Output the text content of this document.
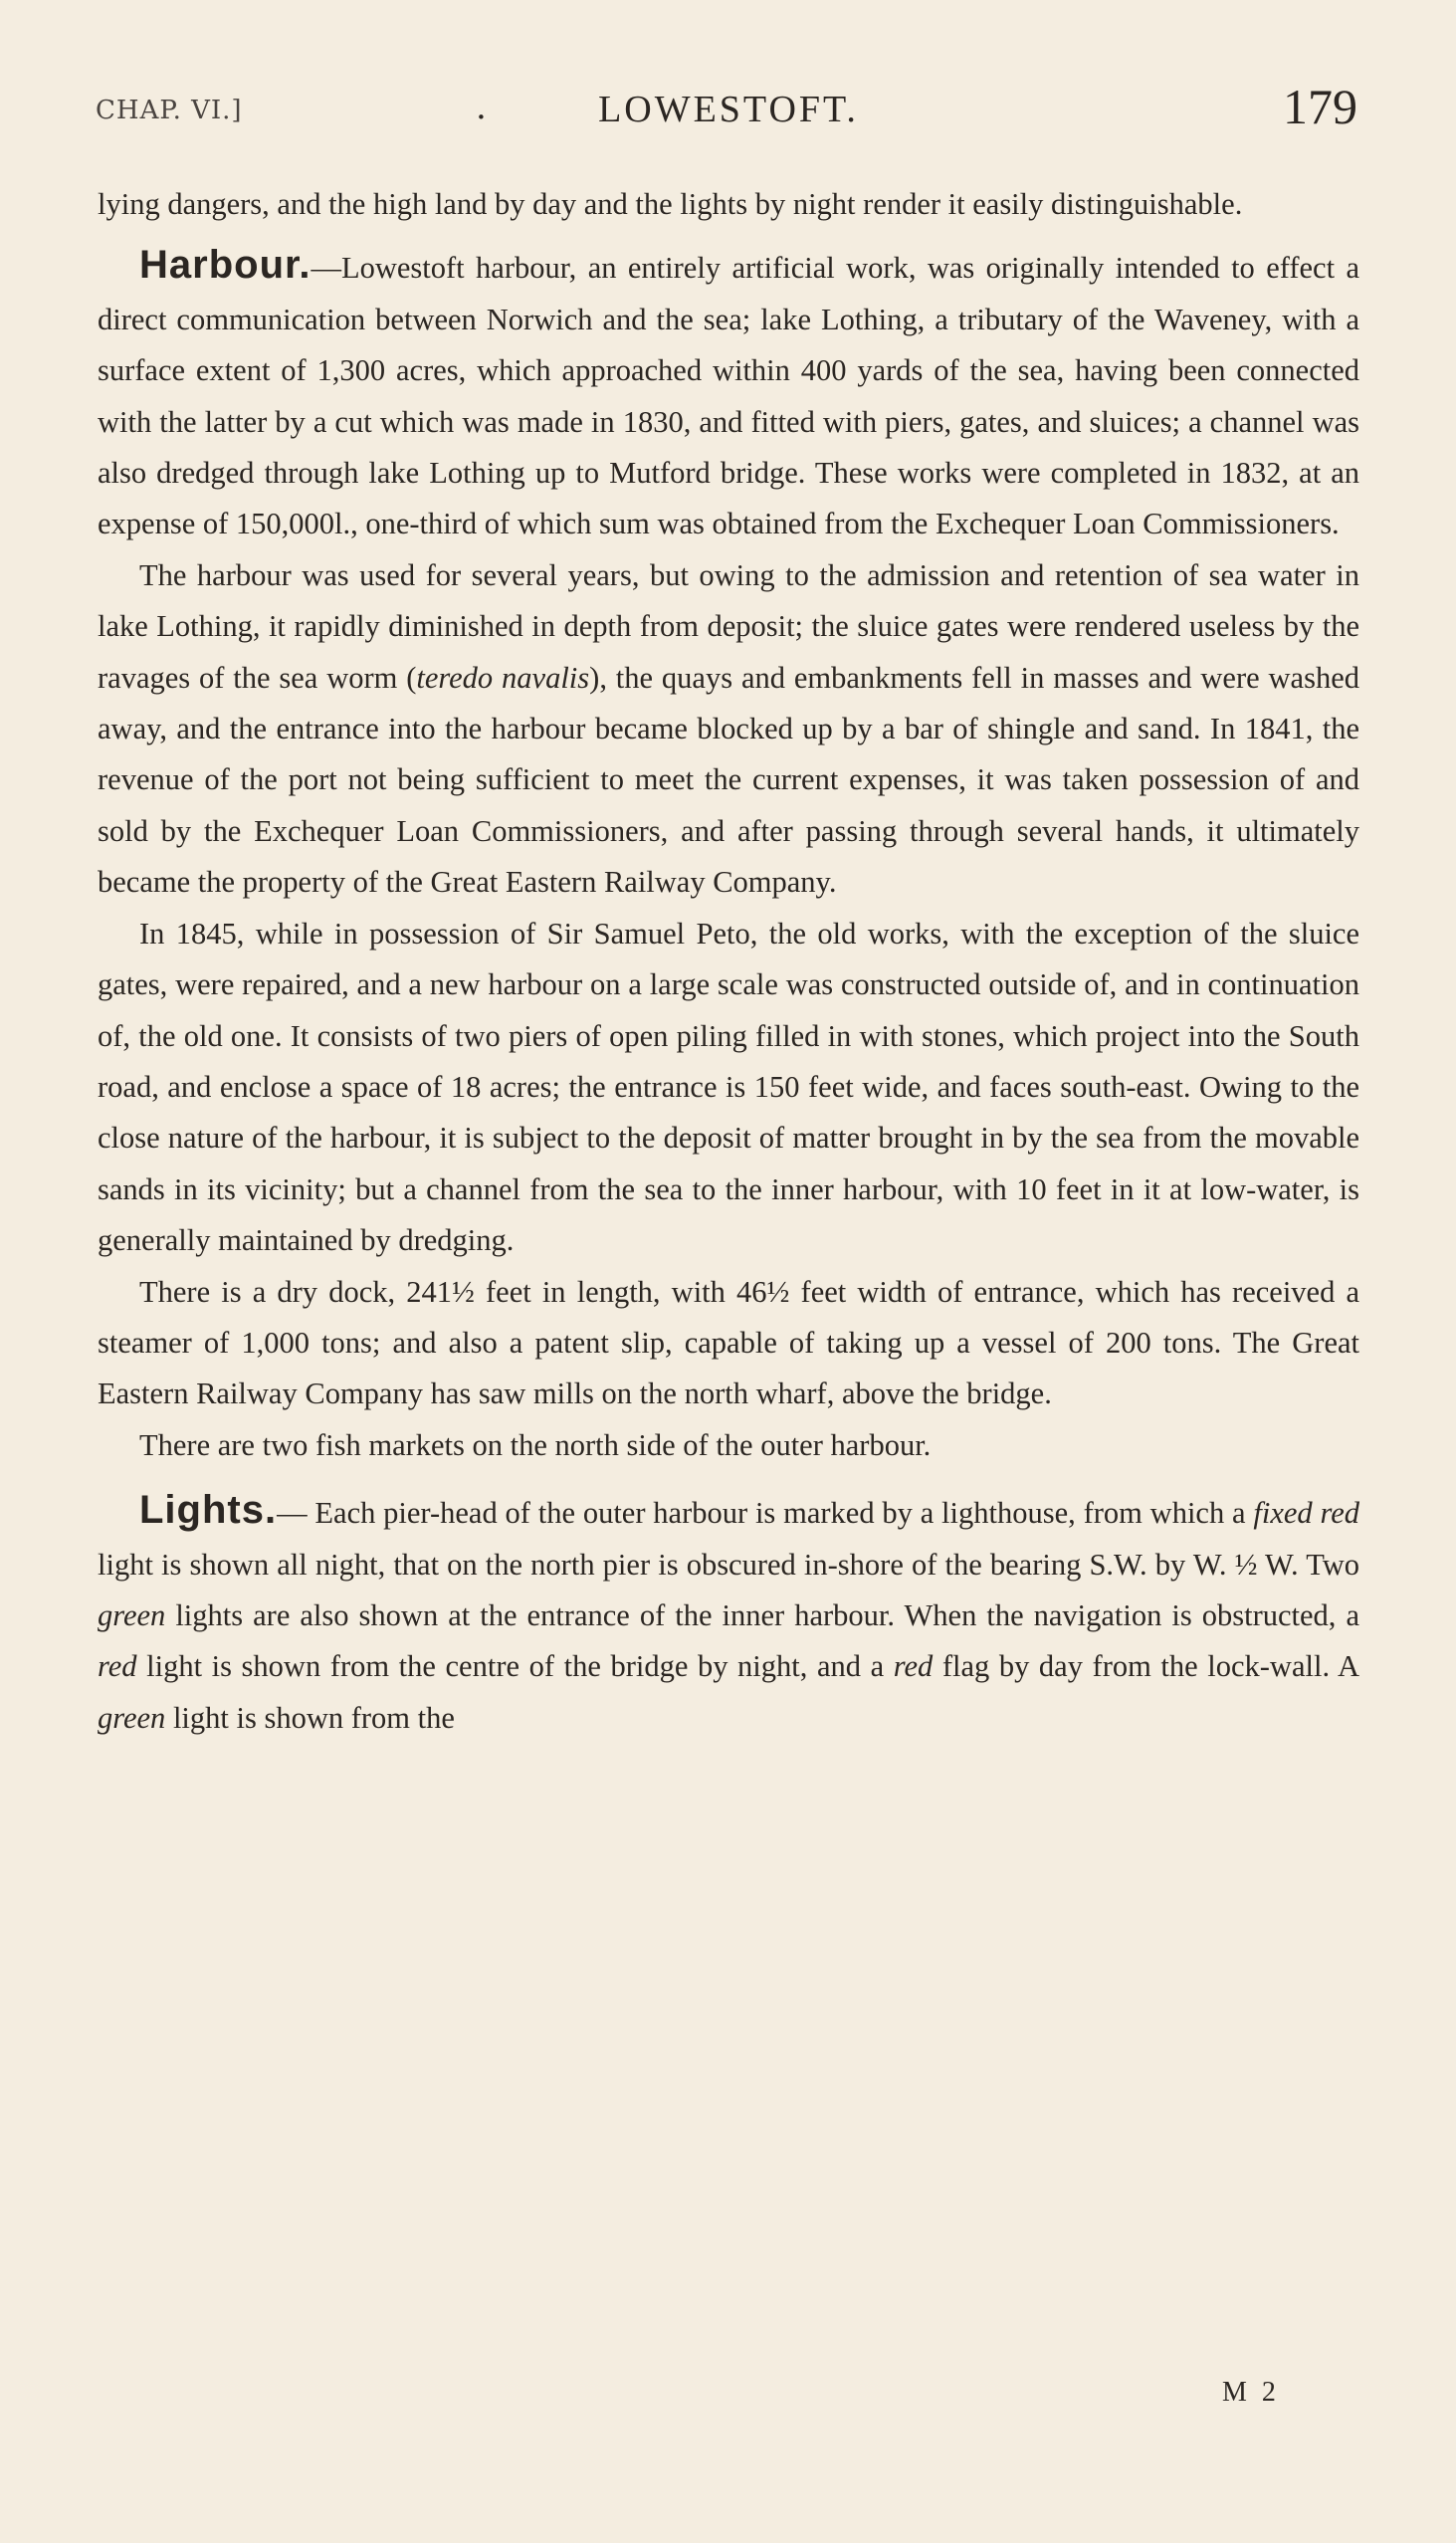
CHAP. VI.]	.	LOWESTOFT.	179

lying dangers, and the high land by day and the lights by night render it easily distinguishable.

Harbour.—Lowestoft harbour, an entirely artificial work, was originally intended to effect a direct communication between Norwich and the sea; lake Lothing, a tributary of the Waveney, with a surface extent of 1,300 acres, which approached within 400 yards of the sea, having been connected with the latter by a cut which was made in 1830, and fitted with piers, gates, and sluices; a channel was also dredged through lake Lothing up to Mutford bridge. These works were completed in 1832, at an expense of 150,000l., one-third of which sum was obtained from the Exchequer Loan Commissioners.

The harbour was used for several years, but owing to the admission and retention of sea water in lake Lothing, it rapidly diminished in depth from deposit; the sluice gates were rendered useless by the ravages of the sea worm (teredo navalis), the quays and embankments fell in masses and were washed away, and the entrance into the harbour became blocked up by a bar of shingle and sand. In 1841, the revenue of the port not being sufficient to meet the current expenses, it was taken possession of and sold by the Exchequer Loan Commissioners, and after passing through several hands, it ultimately became the property of the Great Eastern Railway Company.

In 1845, while in possession of Sir Samuel Peto, the old works, with the exception of the sluice gates, were repaired, and a new harbour on a large scale was constructed outside of, and in continuation of, the old one. It consists of two piers of open piling filled in with stones, which project into the South road, and enclose a space of 18 acres; the entrance is 150 feet wide, and faces south-east. Owing to the close nature of the harbour, it is subject to the deposit of matter brought in by the sea from the movable sands in its vicinity; but a channel from the sea to the inner harbour, with 10 feet in it at low-water, is generally maintained by dredging.

There is a dry dock, 241½ feet in length, with 46½ feet width of entrance, which has received a steamer of 1,000 tons; and also a patent slip, capable of taking up a vessel of 200 tons. The Great Eastern Railway Company has saw mills on the north wharf, above the bridge.

There are two fish markets on the north side of the outer harbour.

Lights.— Each pier-head of the outer harbour is marked by a lighthouse, from which a fixed red light is shown all night, that on the north pier is obscured in-shore of the bearing S.W. by W. ½ W. Two green lights are also shown at the entrance of the inner harbour. When the navigation is obstructed, a red light is shown from the centre of the bridge by night, and a red flag by day from the lock-wall. A green light is shown from the

M 2
